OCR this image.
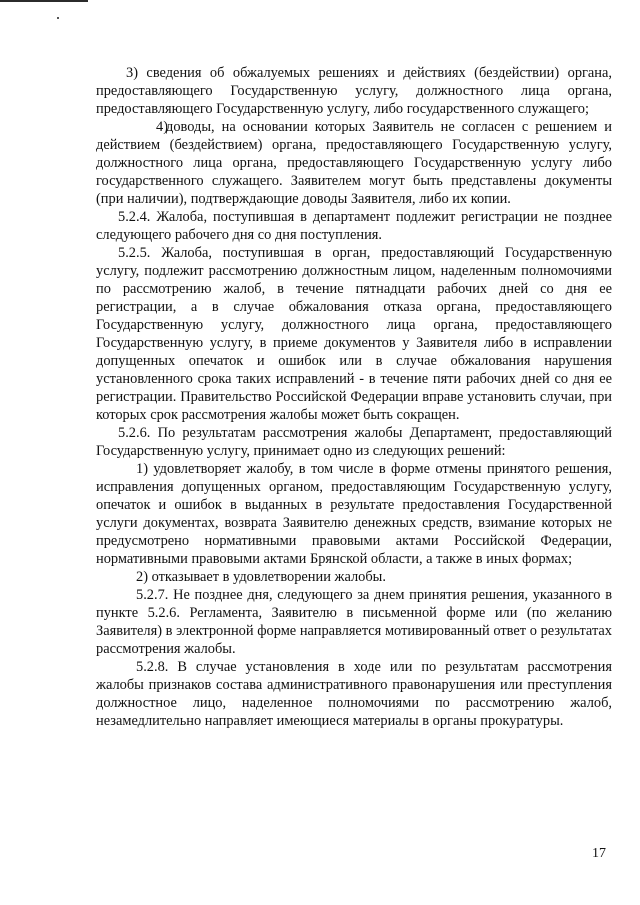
3) сведения об обжалуемых решениях и действиях (бездействии) органа, предоставляющего Государственную услугу, должностного лица органа, предоставляющего Государственную услугу, либо государственного служащего;

4)доводы, на основании которых Заявитель не согласен с решением и действием (бездействием) органа, предоставляющего Государственную услугу, должностного лица органа, предоставляющего Государственную услугу либо государственного служащего. Заявителем могут быть представлены документы (при наличии), подтверждающие доводы Заявителя, либо их копии.

5.2.4. Жалоба, поступившая в департамент подлежит регистрации не позднее следующего рабочего дня со дня поступления.

5.2.5. Жалоба, поступившая в орган, предоставляющий Государственную услугу, подлежит рассмотрению должностным лицом, наделенным полномочиями по рассмотрению жалоб, в течение пятнадцати рабочих дней со дня ее регистрации, а в случае обжалования отказа органа, предоставляющего Государственную услугу, должностного лица органа, предоставляющего Государственную услугу, в приеме документов у Заявителя либо в исправлении допущенных опечаток и ошибок или в случае обжалования нарушения установленного срока таких исправлений - в течение пяти рабочих дней со дня ее регистрации. Правительство Российской Федерации вправе установить случаи, при которых срок рассмотрения жалобы может быть сокращен.

5.2.6. По результатам рассмотрения жалобы Департамент, предоставляющий Государственную услугу, принимает одно из следующих решений:

1) удовлетворяет жалобу, в том числе в форме отмены принятого решения, исправления допущенных органом, предоставляющим Государственную услугу, опечаток и ошибок в выданных в результате предоставления Государственной услуги документах, возврата Заявителю денежных средств, взимание которых не предусмотрено нормативными правовыми актами Российской Федерации, нормативными правовыми актами Брянской области, а также в иных формах;

2) отказывает в удовлетворении жалобы.

5.2.7. Не позднее дня, следующего за днем принятия решения, указанного в пункте 5.2.6. Регламента, Заявителю в письменной форме или (по желанию Заявителя) в электронной форме направляется мотивированный ответ о результатах рассмотрения жалобы.

5.2.8. В случае установления в ходе или по результатам рассмотрения жалобы признаков состава административного правонарушения или преступления должностное лицо, наделенное полномочиями по рассмотрению жалоб, незамедлительно направляет имеющиеся материалы в органы прокуратуры.

17
